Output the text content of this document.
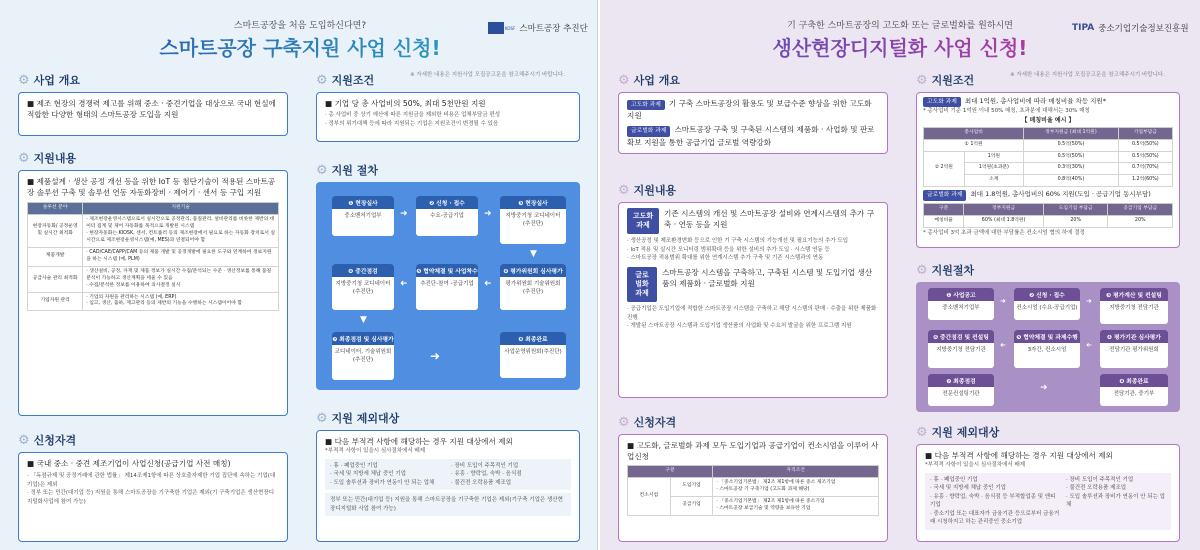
스마트공장을 처음 도입하신다면?
스마트공장 구축지원 사업 신청!
KOSF 스마트공장 추진단
⚙ 사업 개요
■ 제조 현장의 경쟁력 제고를 위해 중소 · 중견기업을 대상으로 국내 현실에 적합한 다양한 형태의 스마트공장 도입을 지원
⚙ 지원내용
■ 제품설계 · 생산 공정 개선 등을 위한 IoT 등 첨단기술이 적용된 스마트공장 솔루션 구축 및 솔루션 연동 자동화장비 · 제어기 · 센서 등 구입 지원
솔루션 분야	지원기술
현장자동화/ 공정운영 및 실시간 최적화	· 제조현장운영시스템으로서 실시간으로 공정관리, 품질관리, 설비관리를 비롯한 제반의 데이터 집계 및 제어 자동화를 목적으로 개발된 시스템
· 현장자동화는 KIOSK, 센서, 컨트롤러 등의 제조현장에서 필요로 하는 자동화 장치로서 실시간으로 제조현장운영시스템(예, MES)과 연결되어야 함

제품개발	· CAD/CAE/CAPP/CAM 등의 제품 개발 및 공정개발에 필요한 도구와 연계하여 정보지원을 하는 시스템 (예, PLM)

공급사슬 관리 최적화	· 생산설비, 공정, 자재 및 제품 정보가 실시간 수집/분석되는 수준 · 생산정보를 통해 품질분석이 가능하고 생산계획을 세울 수 있음
· 수집/분석한 정보를 이용하여 의사결정 실시

기업자원 관리	· 기업의 자원을 관리하는 시스템 (예, ERP)
· 입고, 생산, 출하, 재고관리 등의 제반의 기능을 수행하는 시스템이어야 함
⚙ 신청자격
■ 국내 중소 · 중견 제조기업이 사업신청(공급기업 사전 매칭)
· 「독점규제 및 공정거래에 관한 법률」 제14조제1항에 따른 상호출자제한 기업 집단에 속하는 기업(대기업)은 제외
· 정부 또는 민간(대기업 등) 지원을 통해 스마트공장을 기구축한 기업은 제외(기 구축기업은 생산현장디지털화사업에 참여 가능)
⚙ 지원조건	※ 자세한 내용은 지원사업 모집공고문을 참고해주시기 바랍니다.
■ 기업 당 총 사업비의 50%, 최대 5천만원 지원
· 총 사업비 중 상기 예산에 따른 지원금을 제외한 비용은 업체부담금 편성
· 정부의 위기대책 등에 따라 지원되는 기업은 지원조건이 변경될 수 있음
⚙ 지원 절차
❶ 현장실사
중소벤처기업부
❷ 신청 · 접수
수요-공급기업
❸ 현장실사
지방중기청 코디네이터(추진단)
❹ 중간점검
지방중기청 코디네이터(추진단)
❺ 협약체결 및 사업착수
추진단-참여 -공급기업
❻ 평가위원회 심사평가
평가위원회 기술위원회(추진단)
❼ 최종점검 및 심사평가
코디네이터, 기술위원회(추진단)
❽ 최종완료
사업운영위원회(추진단)
➜	➜
▼
➜
➜
▼
➜
⚙ 지원 제외대상
■ 다음 부적격 사항에 해당하는 경우 지원 대상에서 제외
*부적격 사항이 있을시 심사절차에서 배제
· 휴 · 폐업중인 기업
· 국세 및 지방세 체납 중인 기업
· 도입 솔루션과 장비가 연동이 안 되는 업체
· 장비 도입이 주목적인 기업
· 유흥 · 향락업, 숙박 · 음식점
· 불건전 오락용품 제조업
정부 또는 민간(대기업 등) 지원을 통해 스마트공장을 기구축한 기업은 제외(기구축 기업은 생산현장디지털화 사업 참여 가능)
기 구축한 스마트공장의 고도화 또는 글로벌화를 원하시면
생산현장디지털화 사업 신청!
TIPA 중소기업기술정보진흥원
⚙ 사업 개요
고도화 과제 기 구축 스마트공장의 활용도 및 보급수준 향상을 위한 고도화 지원
글로벌화 과제 스마트공장 구축 및 구축된 시스템의 제품화 · 사업화 및 판로확보 지원을 통한 공급기업 글로벌 역량강화
⚙ 지원내용
고도화 과제
기존 시스템의 개선 및 스마트공장 설비와 연계시스템의 추가 구축 · 연동 등을 지원
· 생산공정 및 제조환경변화 등으로 인한 기 구축 시스템의 기능개선 및 필요기능의 추가 도입
· IoT 적용 및 실시간 모니터링 범위확대 등을 위한 설비의 추가 도입 · 시스템 연동 등
· 스마트공장 적용범위 확대를 위한 연계시스템 추가 구축 및 기존 시스템과의 연동
글로벌화 과제
스마트공장 시스템을 구축하고, 구축된 시스템 및 도입기업 생산품의 제품화 · 글로벌화 지원
· 공급기업은 도입기업에 적합한 스마트공장 시스템을 구축하고 해당 시스템의 판매 · 수출을 위한 제품화 진행
· 개발된 스마트공장 시스템과 도입기업 생산품의 사업화 및 수요처 발굴을 위한 프로그램 지원
⚙ 신청자격
■ 고도화, 글로벌화 과제 모두 도입기업과 공급기업이 컨소시엄을 이루어 사업신청
구분		자격조건
컨소시엄	도입기업	· 「중소기업기본법」 제2조 제1항에 따른 중소 제조기업
· 스마트공장 기 구축기업 (고도화 과제 해당)

	공급기업	· 「중소기업기본법」 제2조 제1항에 따른 중소기업
· 스마트공장 보급기술 및 역량을 보유한 기업
⚙ 지원조건	※ 자세한 내용은 지원사업 모집공고문을 참고해주시기 바랍니다.
고도화 과제 최대 1억원, 총사업비에 따라 매칭비율 차등 지원*
* 총사업비 기준 1억원 이내 50% 매칭, 초과분에 대해서는 30% 매칭
【 매칭비율 예시 】
총사업비		정부지원금 (최대 1억원)	기업부담금
① 1억원		0.5억(50%)	0.5억(50%)
② 2억원	1억원	0.5억(50%)	0.5억(50%)
	1억원(초과분)	0.3억(30%)	0.7억(70%)
	소계	0.8억(40%)	1.2억(60%)
글로벌화 과제 최대 1.8억원, 총사업비의 60% 지원(도입 · 공급기업 동시부담)
구분	정부지원금	도입기업 부담금	공급기업 부담금
매칭비율	60% (최대 1.8억원)	20%	20%
* 총사업비 3억 초과 금액에 대한 부담률은 컨소시엄 협의 하에 결정
⚙ 지원절차
❶ 사업공고
중소벤처기업부
❷ 신청 · 접수
컨소시엄 (수요-공급기업)
❸ 평가계산 및 컨설팅
지방중기청 전담기관
❻ 중간점검 및 컨설팅
지방중기청 전담기관
❺ 협약체결 및 과제수행
3자간, 컨소시엄
❹ 평가기관 심사평가
전담기관 평가위원회
❼ 최종점검
전문컨설팅기관
❽ 최종완료
전담기관, 중기부
➜	➜
➜
➜
➜
⚙ 지원 제외대상
■ 다음 부적격 사항에 해당하는 경우 지원 대상에서 제외
*부적격 사항이 있을시 심사절차에서 배제
· 휴 · 폐업중인 기업
· 국세 및 지방세 체납 중인 기업
· 유흥 · 향락업, 숙박 · 음식점 등 부적합업종 및 앤티기업
· 중소기업 또는 대표자가 금융기관 등으로부터 금융거래 시청하지고 하는 관리중인 중소기업
· 장비 도입이 주목적인 기업
· 불건전 오락용품 제조업
· 도입 솔루션과 장비가 연동이 안 되는 업체
